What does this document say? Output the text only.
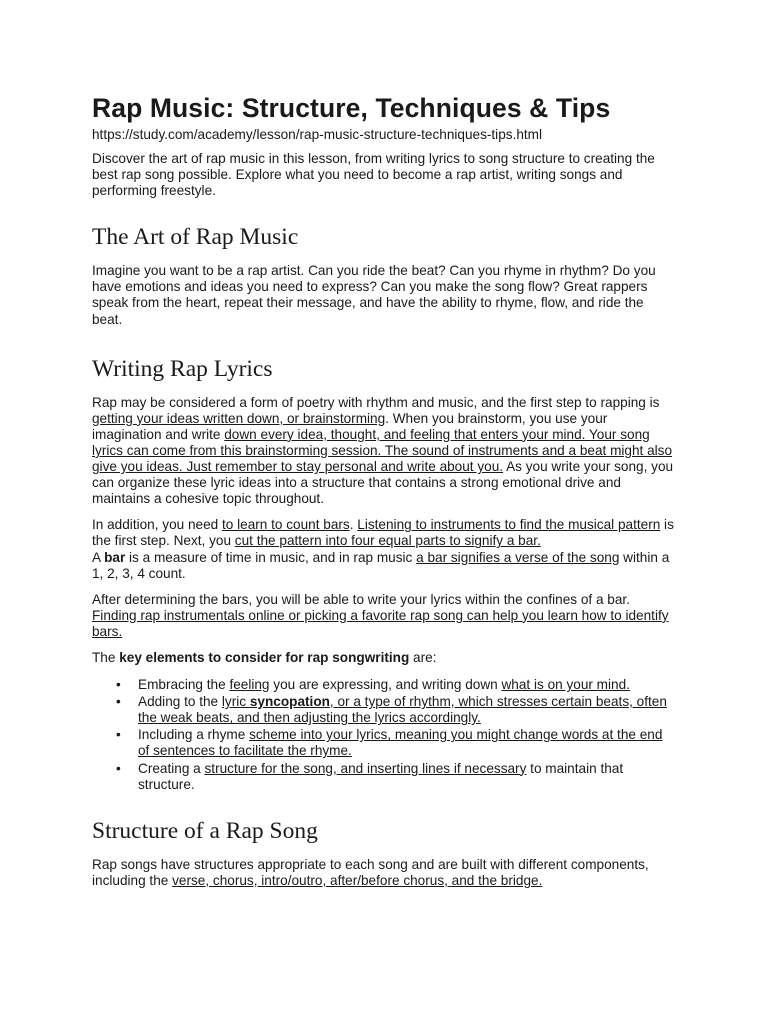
Rap Music: Structure, Techniques & Tips
https://study.com/academy/lesson/rap-music-structure-techniques-tips.html

Discover the art of rap music in this lesson, from writing lyrics to song structure to creating the best rap song possible. Explore what you need to become a rap artist, writing songs and performing freestyle.

The Art of Rap Music

Imagine you want to be a rap artist. Can you ride the beat? Can you rhyme in rhythm? Do you have emotions and ideas you need to express? Can you make the song flow? Great rappers speak from the heart, repeat their message, and have the ability to rhyme, flow, and ride the beat.

Writing Rap Lyrics

Rap may be considered a form of poetry with rhythm and music, and the first step to rapping is getting your ideas written down, or brainstorming. When you brainstorm, you use your imagination and write down every idea, thought, and feeling that enters your mind. Your song lyrics can come from this brainstorming session. The sound of instruments and a beat might also give you ideas. Just remember to stay personal and write about you. As you write your song, you can organize these lyric ideas into a structure that contains a strong emotional drive and maintains a cohesive topic throughout.

In addition, you need to learn to count bars. Listening to instruments to find the musical pattern is the first step. Next, you cut the pattern into four equal parts to signify a bar.
A bar is a measure of time in music, and in rap music a bar signifies a verse of the song within a 1, 2, 3, 4 count.

After determining the bars, you will be able to write your lyrics within the confines of a bar. Finding rap instrumentals online or picking a favorite rap song can help you learn how to identify bars.

The key elements to consider for rap songwriting are:

• Embracing the feeling you are expressing, and writing down what is on your mind.
• Adding to the lyric syncopation, or a type of rhythm, which stresses certain beats, often the weak beats, and then adjusting the lyrics accordingly.
• Including a rhyme scheme into your lyrics, meaning you might change words at the end of sentences to facilitate the rhyme.
• Creating a structure for the song, and inserting lines if necessary to maintain that structure.
Structure of a Rap Song

Rap songs have structures appropriate to each song and are built with different components, including the verse, chorus, intro/outro, after/before chorus, and the bridge.
